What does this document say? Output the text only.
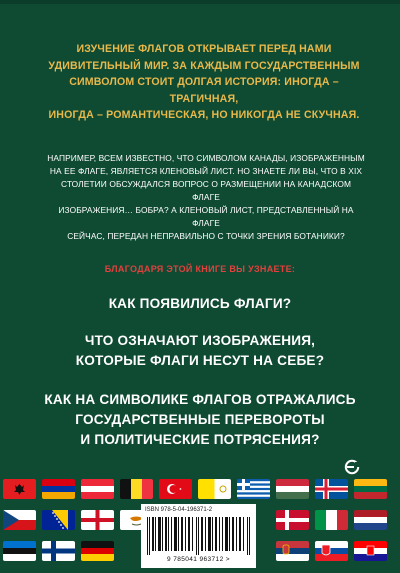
ИЗУЧЕНИЕ ФЛАГОВ ОТКРЫВАЕТ ПЕРЕД НАМИ
УДИВИТЕЛЬНЫЙ МИР. ЗА КАЖДЫМ ГОСУДАРСТВЕННЫМ
СИМВОЛОМ СТОИТ ДОЛГАЯ ИСТОРИЯ: ИНОГДА – ТРАГИЧНАЯ,
ИНОГДА – РОМАНТИЧЕСКАЯ, НО НИКОГДА НЕ СКУЧНАЯ.
НАПРИМЕР, ВСЕМ ИЗВЕСТНО, ЧТО СИМВОЛОМ КАНАДЫ, ИЗОБРАЖЕННЫМ
НА ЕЕ ФЛАГЕ, ЯВЛЯЕТСЯ КЛЕНОВЫЙ ЛИСТ. НО ЗНАЕТЕ ЛИ ВЫ, ЧТО В XIX
СТОЛЕТИИ ОБСУЖДАЛСЯ ВОПРОС О РАЗМЕЩЕНИИ НА КАНАДСКОМ ФЛАГЕ
ИЗОБРАЖЕНИЯ… БОБРА? А КЛЕНОВЫЙ ЛИСТ, ПРЕДСТАВЛЕННЫЙ НА ФЛАГЕ
СЕЙЧАС, ПЕРЕДАН НЕПРАВИЛЬНО С ТОЧКИ ЗРЕНИЯ БОТАНИКИ?
БЛАГОДАРЯ ЭТОЙ КНИГЕ ВЫ УЗНАЕТЕ:
КАК ПОЯВИЛИСЬ ФЛАГИ?
ЧТО ОЗНАЧАЮТ ИЗОБРАЖЕНИЯ,
КОТОРЫЕ ФЛАГИ НЕСУТ НА СЕБЕ?
КАК НА СИМВОЛИКЕ ФЛАГОВ ОТРАЖАЛИСЬ
ГОСУДАРСТВЕННЫЕ ПЕРЕВОРОТЫ
И ПОЛИТИЧЕСКИЕ ПОТРЯСЕНИЯ?
ISBN 978-5-04-196371-2
9 785041 963712 >
